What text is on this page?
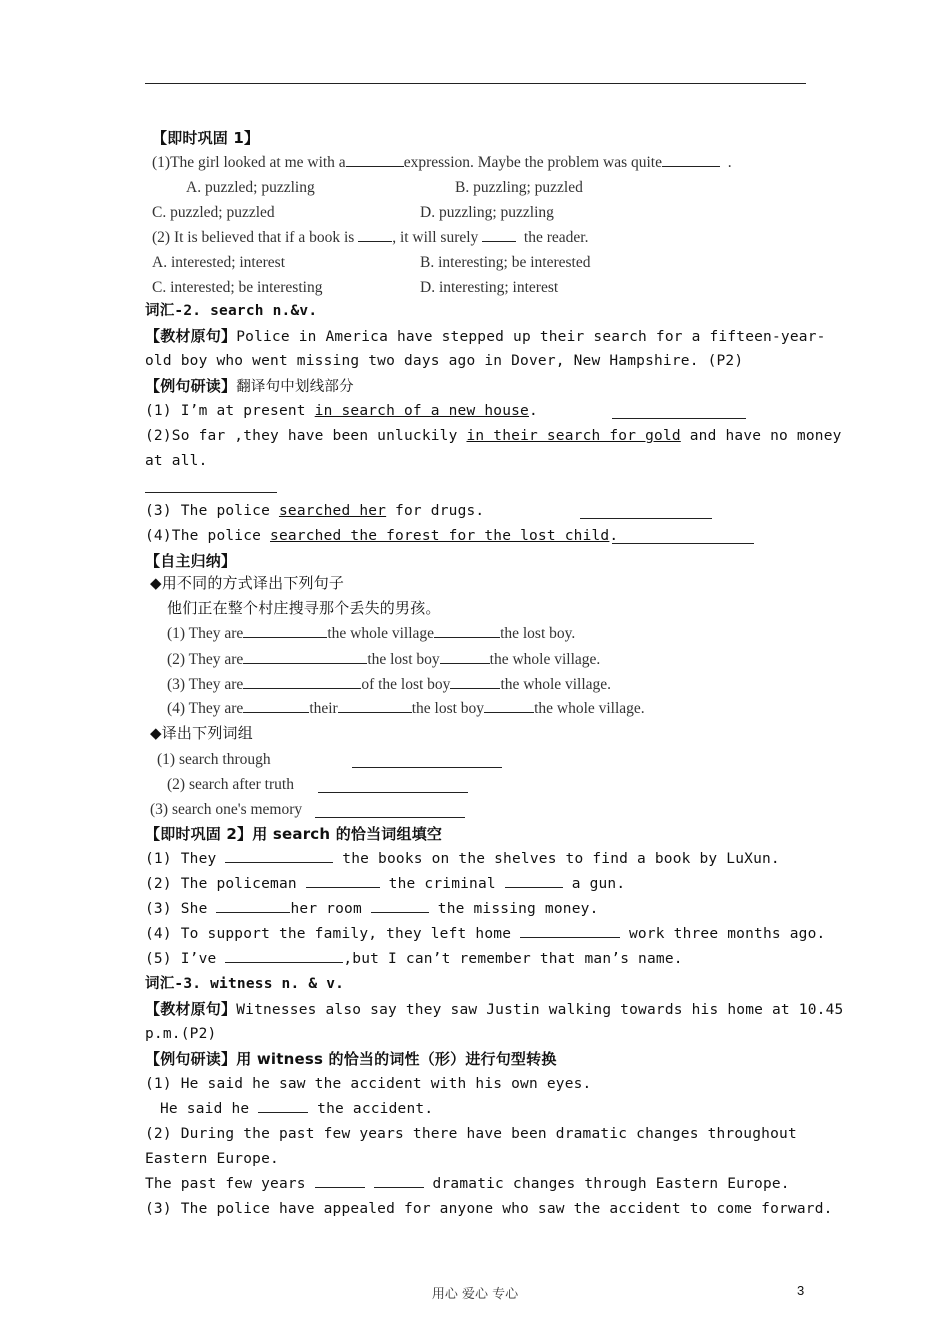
【即时巩固 1】
(1)The girl looked at me with a	expression. Maybe the problem was quite	.
A. puzzled; puzzling	B. puzzling; puzzled
C. puzzled; puzzled	D. puzzling; puzzling
(2) It is believed that if a book is , it will surely	the reader.
A. interested; interest	B. interesting; be interested
C. interested; be interesting	D. interesting; interest
词汇-2. search n.&v.
【教材原句】Police in America have stepped up their search for a fifteen-year-
old boy who went missing two days ago in Dover, New Hampshire. (P2)
【例句研读】翻译句中划线部分
(1) I’m at present in search of a new house.
(2)So far ,they have been unluckily in their search for gold and have no money
at all.
(3) The police searched her for drugs.
(4)The police searched the forest for the lost child.
【自主归纳】
◆用不同的方式译出下列句子
他们正在整个村庄搜寻那个丢失的男孩。
(1) They are	the whole village	the lost boy.
(2) They are	the lost boy	the whole village.
(3) They are	of the lost boy	the whole village.
(4) They are	their	the lost boy	the whole village.
◆译出下列词组
(1) search through
(2) search after truth
(3) search one's memory
【即时巩固 2】用 search 的恰当词组填空
(1) They	the books on the shelves to find a book by LuXun.
(2) The policeman	the criminal	a gun.
(3) She	her room	the missing money.
(4) To support the family, they left home	work three months ago.
(5) I’ve	,but I can’t remember that man’s name.
词汇-3. witness n. & v.
【教材原句】Witnesses also say they saw Justin walking towards his home at 10.45
p.m.(P2)
【例句研读】用 witness 的恰当的词性（形）进行句型转换
(1) He said he saw the accident with his own eyes.
He said he	the accident.
(2) During the past few years there have been dramatic changes throughout
Eastern Europe.
The past few years	dramatic changes through Eastern Europe.
(3) The police have appealed for anyone who saw the accident to come forward.
用心 爱心 专心	3
